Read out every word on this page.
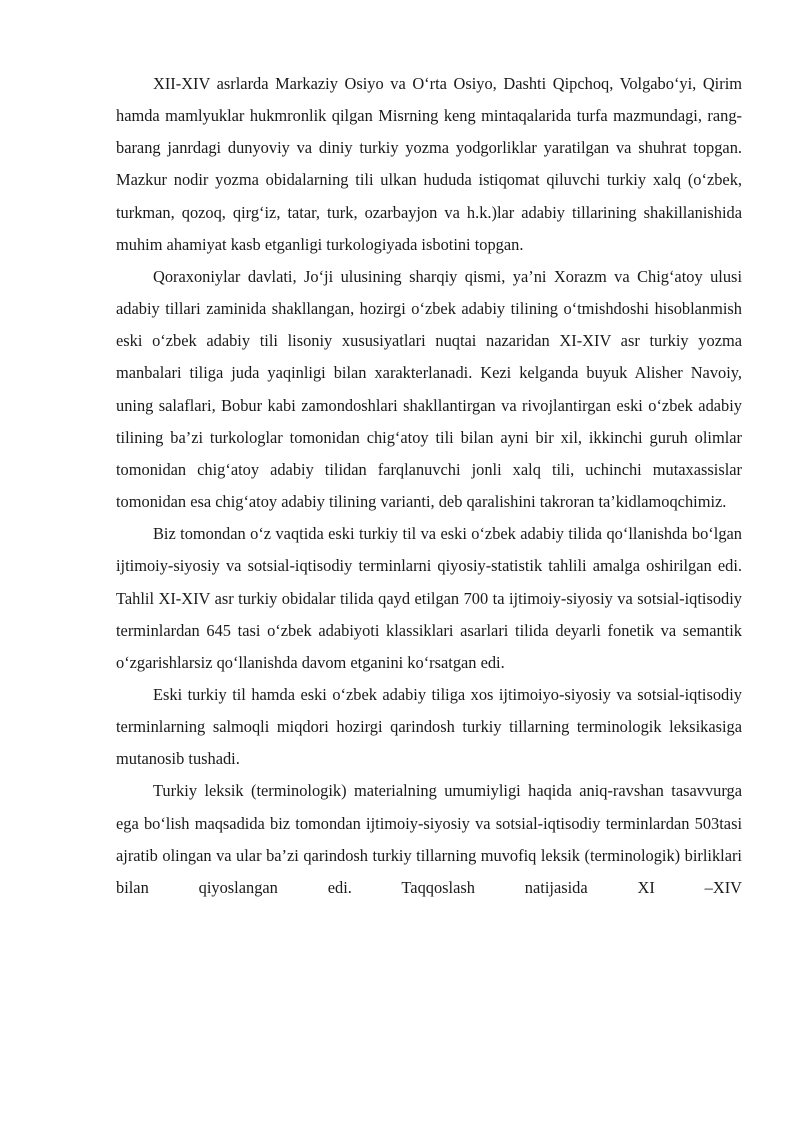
XII-XIV asrlarda Markaziy Osiyo va O‘rta Osiyo, Dashti Qipchoq, Volgabo‘yi, Qirim hamda mamlyuklar hukmronlik qilgan Misrning keng mintaqalarida turfa mazmundagi, rang-barang janrdagi dunyoviy va diniy turkiy yozma yodgorliklar yaratilgan va shuhrat topgan. Mazkur nodir yozma obidalarning tili ulkan hududa istiqomat qiluvchi turkiy xalq (o‘zbek, turkman, qozoq, qirg‘iz, tatar, turk, ozarbayjon va h.k.)lar adabiy tillarining shakillanishida muhim ahamiyat kasb etganligi turkologiyada isbotini topgan.

Qoraxoniylar davlati, Jo‘ji ulusining sharqiy qismi, ya’ni Xorazm va Chig‘atoy ulusi adabiy tillari zaminida shakllangan, hozirgi o‘zbek adabiy tilining o‘tmishdoshi hisoblanmish eski o‘zbek adabiy tili lisoniy xususiyatlari nuqtai nazaridan XI-XIV asr turkiy yozma manbalari tiliga juda yaqinligi bilan xarakterlanadi. Kezi kelganda buyuk Alisher Navoiy, uning salaflari, Bobur kabi zamondoshlari shakllantirgan va rivojlantirgan eski o‘zbek adabiy tilining ba’zi turkologlar tomonidan chig‘atoy tili bilan ayni bir xil, ikkinchi guruh olimlar tomonidan chig‘atoy adabiy tilidan farqlanuvchi jonli xalq tili, uchinchi mutaxassislar tomonidan esa chig‘atoy adabiy tilining varianti, deb qaralishini takroran ta’kidlamoqchimiz.

Biz tomondan o‘z vaqtida eski turkiy til va eski o‘zbek adabiy tilida qo‘llanishda bo‘lgan ijtimoiy-siyosiy va sotsial-iqtisodiy terminlarni qiyosiy-statistik tahlili amalga oshirilgan edi. Tahlil XI-XIV asr turkiy obidalar tilida qayd etilgan 700 ta ijtimoiy-siyosiy va sotsial-iqtisodiy terminlardan 645 tasi o‘zbek adabiyoti klassiklari asarlari tilida deyarli fonetik va semantik o‘zgarishlarsiz qo‘llanishda davom etganini ko‘rsatgan edi.

Eski turkiy til hamda eski o‘zbek adabiy tiliga xos ijtimoiyo-siyosiy va sotsial-iqtisodiy terminlarning salmoqli miqdori hozirgi qarindosh turkiy tillarning terminologik leksikasiga mutanosib tushadi.

Turkiy leksik (terminologik) materialning umumiyligi haqida aniq-ravshan tasavvurga ega bo‘lish maqsadida biz tomondan ijtimoiy-siyosiy va sotsial-iqtisodiy terminlardan 503tasi ajratib olingan va ular ba’zi qarindosh turkiy tillarning muvofiq leksik (terminologik) birliklari bilan qiyoslangan edi. Taqqoslash natijasida XI –XIV
